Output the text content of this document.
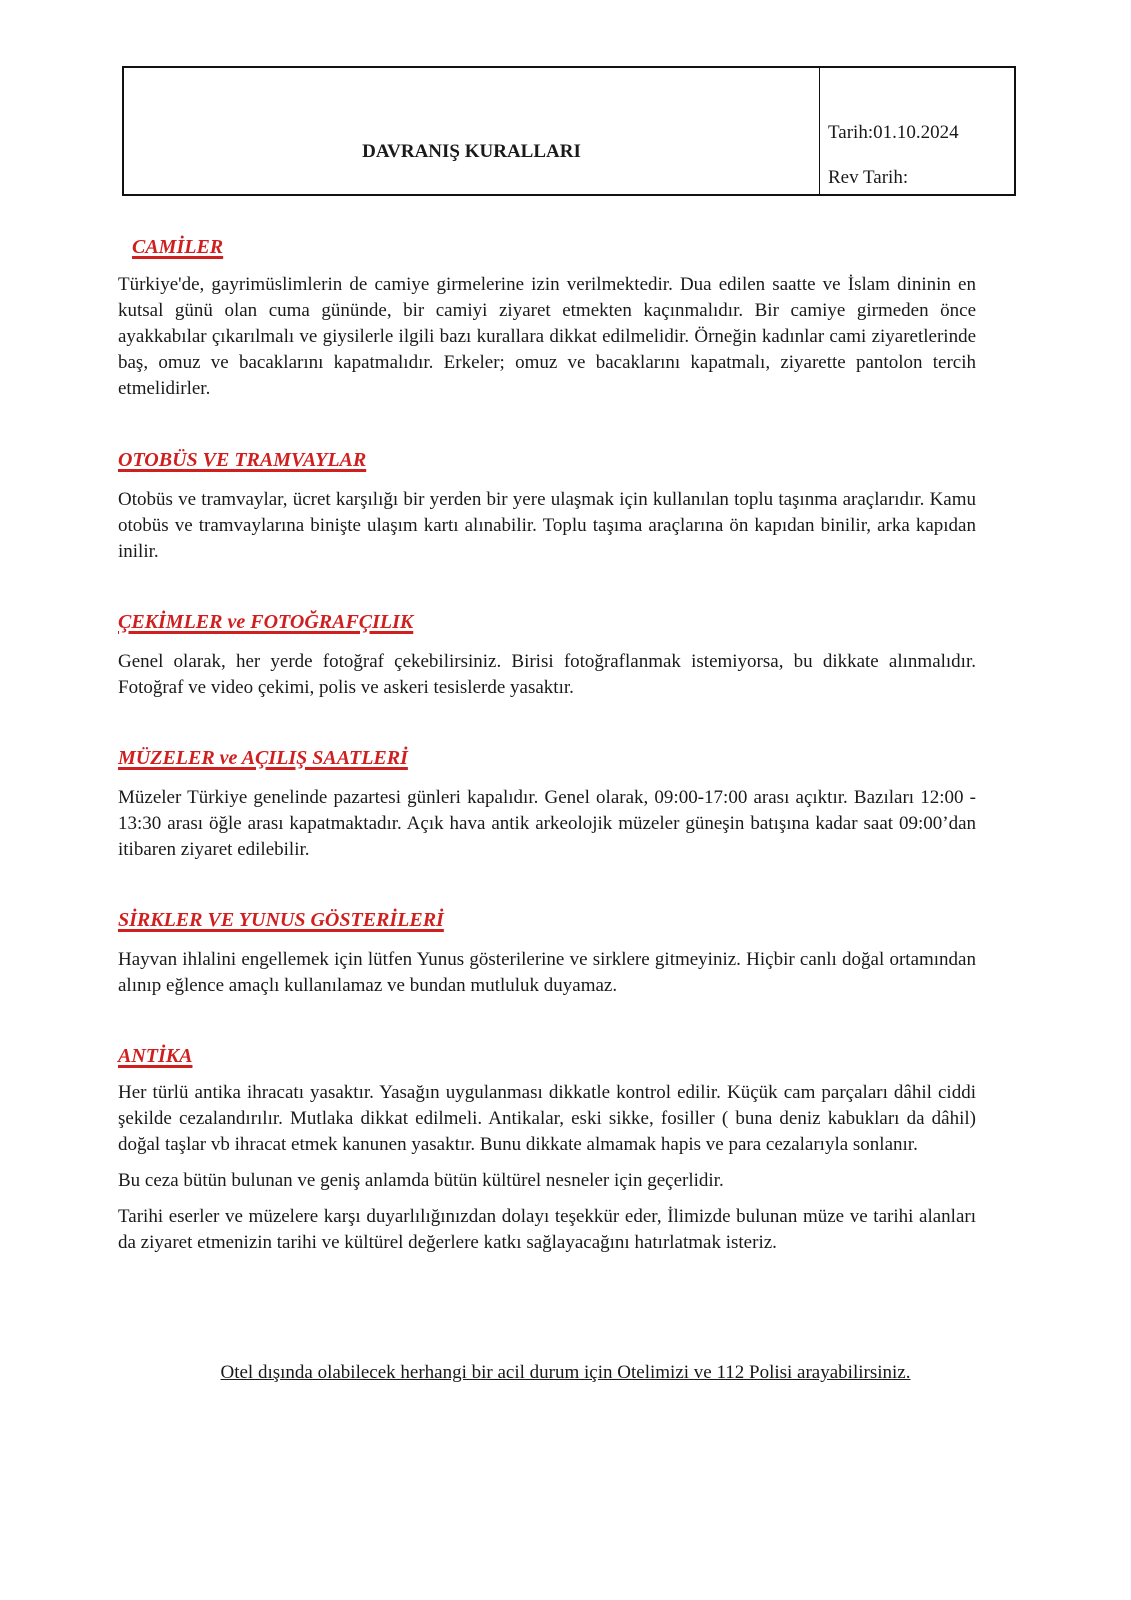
DAVRANIŞ KURALLARI
Tarih:01.10.2024
Rev Tarih:
CAMİLER

Türkiye'de, gayrimüslimlerin de camiye girmelerine izin verilmektedir. Dua edilen saatte ve İslam dininin en kutsal günü olan cuma gününde, bir camiyi ziyaret etmekten kaçınmalıdır. Bir camiye girmeden önce ayakkabılar çıkarılmalı ve giysilerle ilgili bazı kurallara dikkat edilmelidir. Örneğin kadınlar cami ziyaretlerinde baş, omuz ve bacaklarını kapatmalıdır. Erkeler; omuz ve bacaklarını kapatmalı, ziyarette pantolon tercih etmelidirler.

OTOBÜS VE TRAMVAYLAR

Otobüs ve tramvaylar, ücret karşılığı bir yerden bir yere ulaşmak için kullanılan toplu taşınma araçlarıdır. Kamu otobüs ve tramvaylarına binişte ulaşım kartı alınabilir. Toplu taşıma araçlarına ön kapıdan binilir, arka kapıdan inilir.

ÇEKİMLER ve FOTOĞRAFÇILIK

Genel olarak, her yerde fotoğraf çekebilirsiniz. Birisi fotoğraflanmak istemiyorsa, bu dikkate alınmalıdır. Fotoğraf ve video çekimi, polis ve askeri tesislerde yasaktır.

MÜZELER ve AÇILIŞ SAATLERİ

Müzeler Türkiye genelinde pazartesi günleri kapalıdır. Genel olarak, 09:00-17:00 arası açıktır. Bazıları 12:00 - 13:30 arası öğle arası kapatmaktadır. Açık hava antik arkeolojik müzeler güneşin batışına kadar saat 09:00’dan itibaren ziyaret edilebilir.

SİRKLER VE YUNUS GÖSTERİLERİ

Hayvan ihlalini engellemek için lütfen Yunus gösterilerine ve sirklere gitmeyiniz. Hiçbir canlı doğal ortamından alınıp eğlence amaçlı kullanılamaz ve bundan mutluluk duyamaz.

ANTİKA

Her türlü antika ihracatı yasaktır. Yasağın uygulanması dikkatle kontrol edilir. Küçük cam parçaları dâhil ciddi şekilde cezalandırılır. Mutlaka dikkat edilmeli. Antikalar, eski sikke, fosiller ( buna deniz kabukları da dâhil) doğal taşlar vb ihracat etmek kanunen yasaktır. Bunu dikkate almamak hapis ve para cezalarıyla sonlanır.

Bu ceza bütün bulunan ve geniş anlamda bütün kültürel nesneler için geçerlidir.

Tarihi eserler ve müzelere karşı duyarlılığınızdan dolayı teşekkür eder, İlimizde bulunan müze ve tarihi alanları da ziyaret etmenizin tarihi ve kültürel değerlere katkı sağlayacağını hatırlatmak isteriz.

Otel dışında olabilecek herhangi bir acil durum için Otelimizi ve 112 Polisi arayabilirsiniz.
